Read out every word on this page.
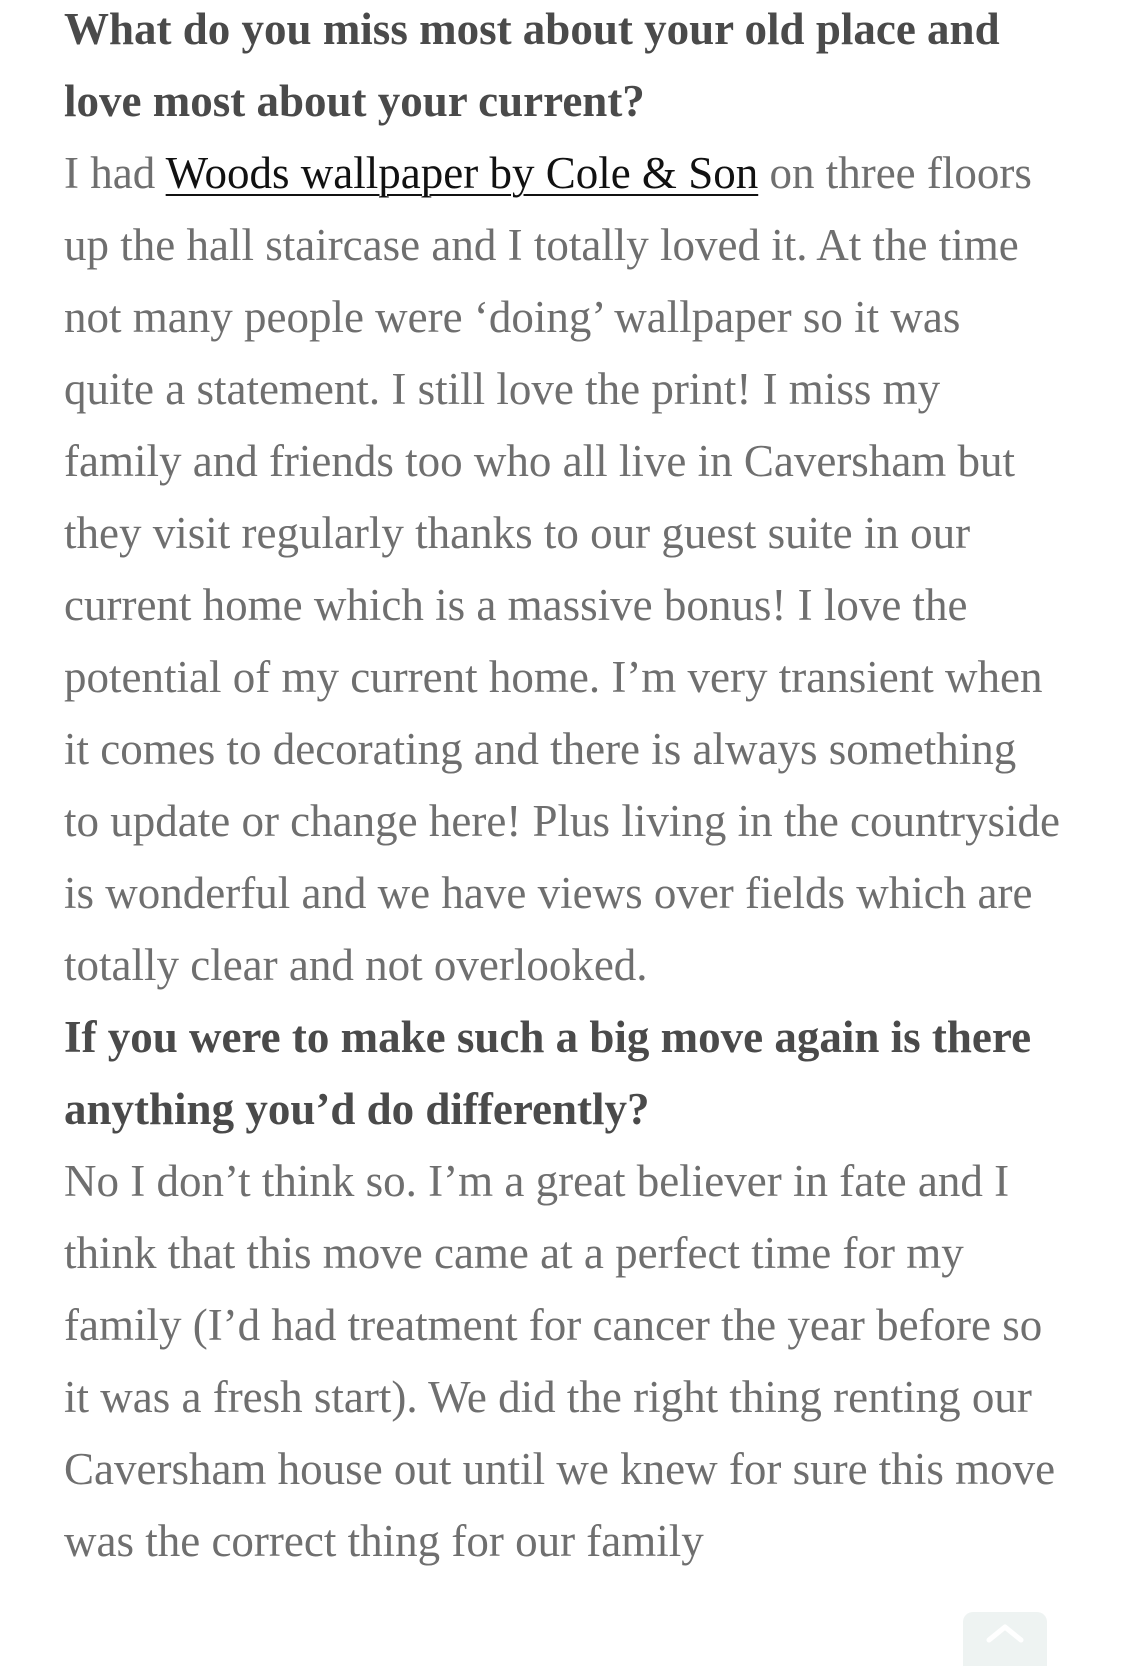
What do you miss most about your old place and love most about your current?

I had Woods wallpaper by Cole & Son on three floors up the hall staircase and I totally loved it. At the time not many people were ‘doing’ wallpaper so it was quite a statement. I still love the print! I miss my family and friends too who all live in Caversham but they visit regularly thanks to our guest suite in our current home which is a massive bonus! I love the potential of my current home. I’m very transient when it comes to decorating and there is always something to update or change here! Plus living in the countryside is wonderful and we have views over fields which are totally clear and not overlooked.

If you were to make such a big move again is there anything you’d do differently?

No I don’t think so. I’m a great believer in fate and I think that this move came at a perfect time for my family (I’d had treatment for cancer the year before so it was a fresh start). We did the right thing renting our Caversham house out until we knew for sure this move was the correct thing for our family
